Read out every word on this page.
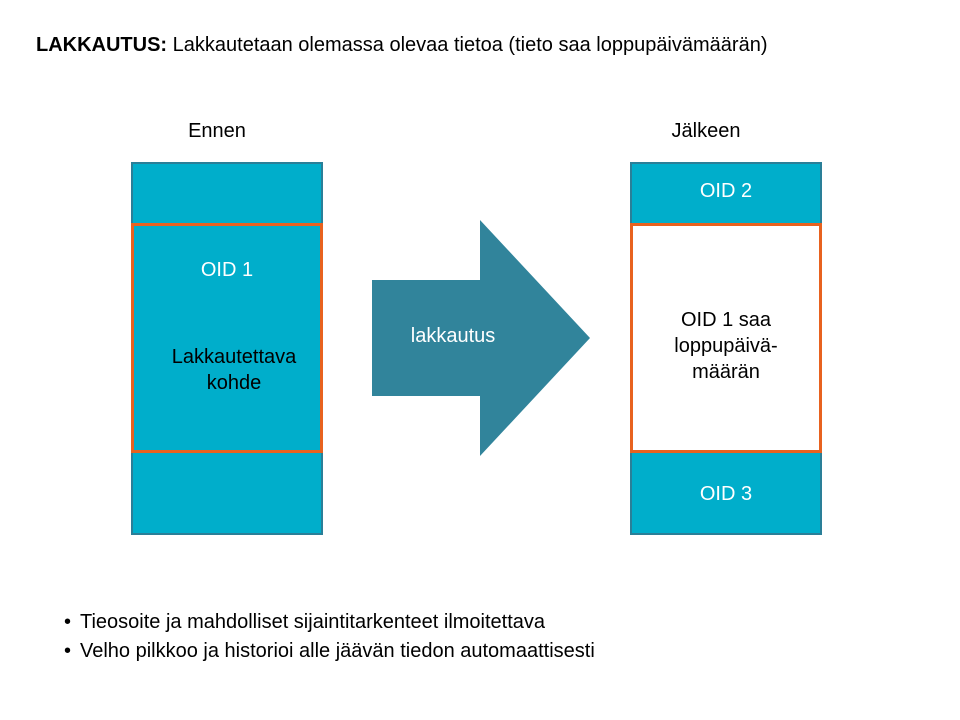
LAKKAUTUS: Lakkautetaan olemassa olevaa tietoa (tieto saa loppupäivämäärän)
Ennen
OID 1
Lakkautettava
kohde
lakkautus
Jälkeen
OID 2
OID 1 saa
loppupäivä-
määrän
OID 3
• Tieosoite ja mahdolliset sijaintitarkenteet ilmoitettava
• Velho pilkkoo ja historioi alle jäävän tiedon automaattisesti
